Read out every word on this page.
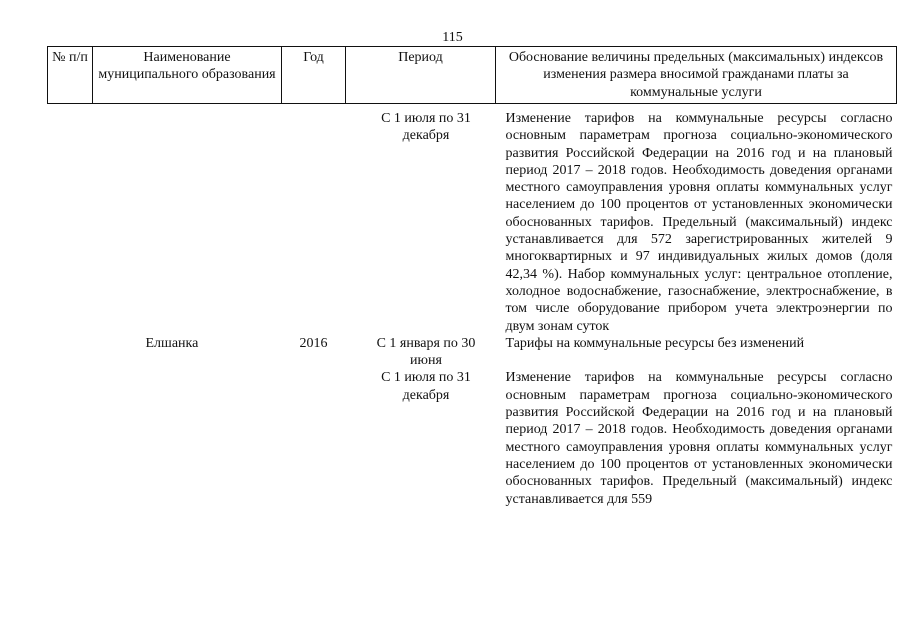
115
№ п/п	Наименование муниципального образования	Год	Период	Обоснование величины предельных (максимальных) индексов изменения размера вносимой гражданами платы за коммунальные услуги
			С 1 июля по 31 декабря	Изменение тарифов на коммунальные ресурсы согласно основным параметрам прогноза социально-экономического развития Российской Федерации на 2016 год и на плановый период 2017 – 2018 годов. Необходимость доведения органами местного самоуправления уровня оплаты коммунальных услуг населением до 100 процентов от установленных экономически обоснованных тарифов. Предельный (максимальный) индекс устанавливается для 572 зарегистрированных жителей 9 многоквартирных и 97 индивидуальных жилых домов (доля 42,34 %). Набор коммунальных услуг: центральное отопление, холодное водоснабжение, газоснабжение, электроснабжение, в том числе оборудование прибором учета электроэнергии по двум зонам суток
	Елшанка	2016	С 1 января по 30 июня	Тарифы на коммунальные ресурсы без изменений
			С 1 июля по 31 декабря	Изменение тарифов на коммунальные ресурсы согласно основным параметрам прогноза социально-экономического развития Российской Федерации на 2016 год и на плановый период 2017 – 2018 годов. Необходимость доведения органами местного самоуправления уровня оплаты коммунальных услуг населением до 100 процентов от установленных экономически обоснованных тарифов. Предельный (максимальный) индекс устанавливается для 559
